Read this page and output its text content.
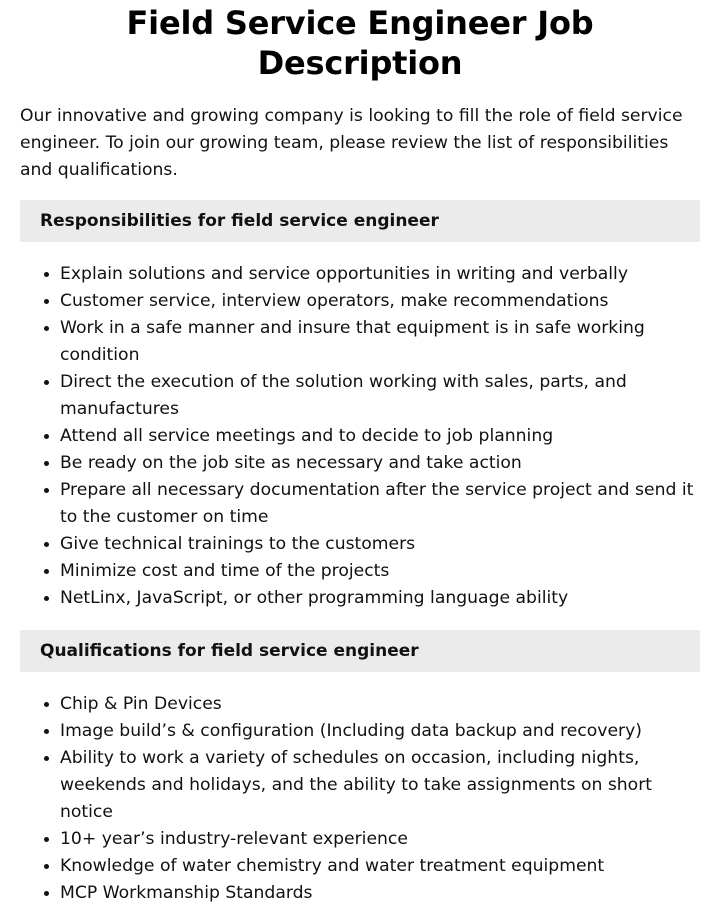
Field Service Engineer Job Description

Our innovative and growing company is looking to fill the role of field service engineer. To join our growing team, please review the list of responsibilities and qualifications.

Responsibilities for field service engineer
• Explain solutions and service opportunities in writing and verbally
• Customer service, interview operators, make recommendations
• Work in a safe manner and insure that equipment is in safe working condition
• Direct the execution of the solution working with sales, parts, and manufactures
• Attend all service meetings and to decide to job planning
• Be ready on the job site as necessary and take action
• Prepare all necessary documentation after the service project and send it to the customer on time
• Give technical trainings to the customers
• Minimize cost and time of the projects
• NetLinx, JavaScript, or other programming language ability
Qualifications for field service engineer
• Chip & Pin Devices
• Image build’s & configuration (Including data backup and recovery)
• Ability to work a variety of schedules on occasion, including nights, weekends and holidays, and the ability to take assignments on short notice
• 10+ year’s industry-relevant experience
• Knowledge of water chemistry and water treatment equipment
• MCP Workmanship Standards
